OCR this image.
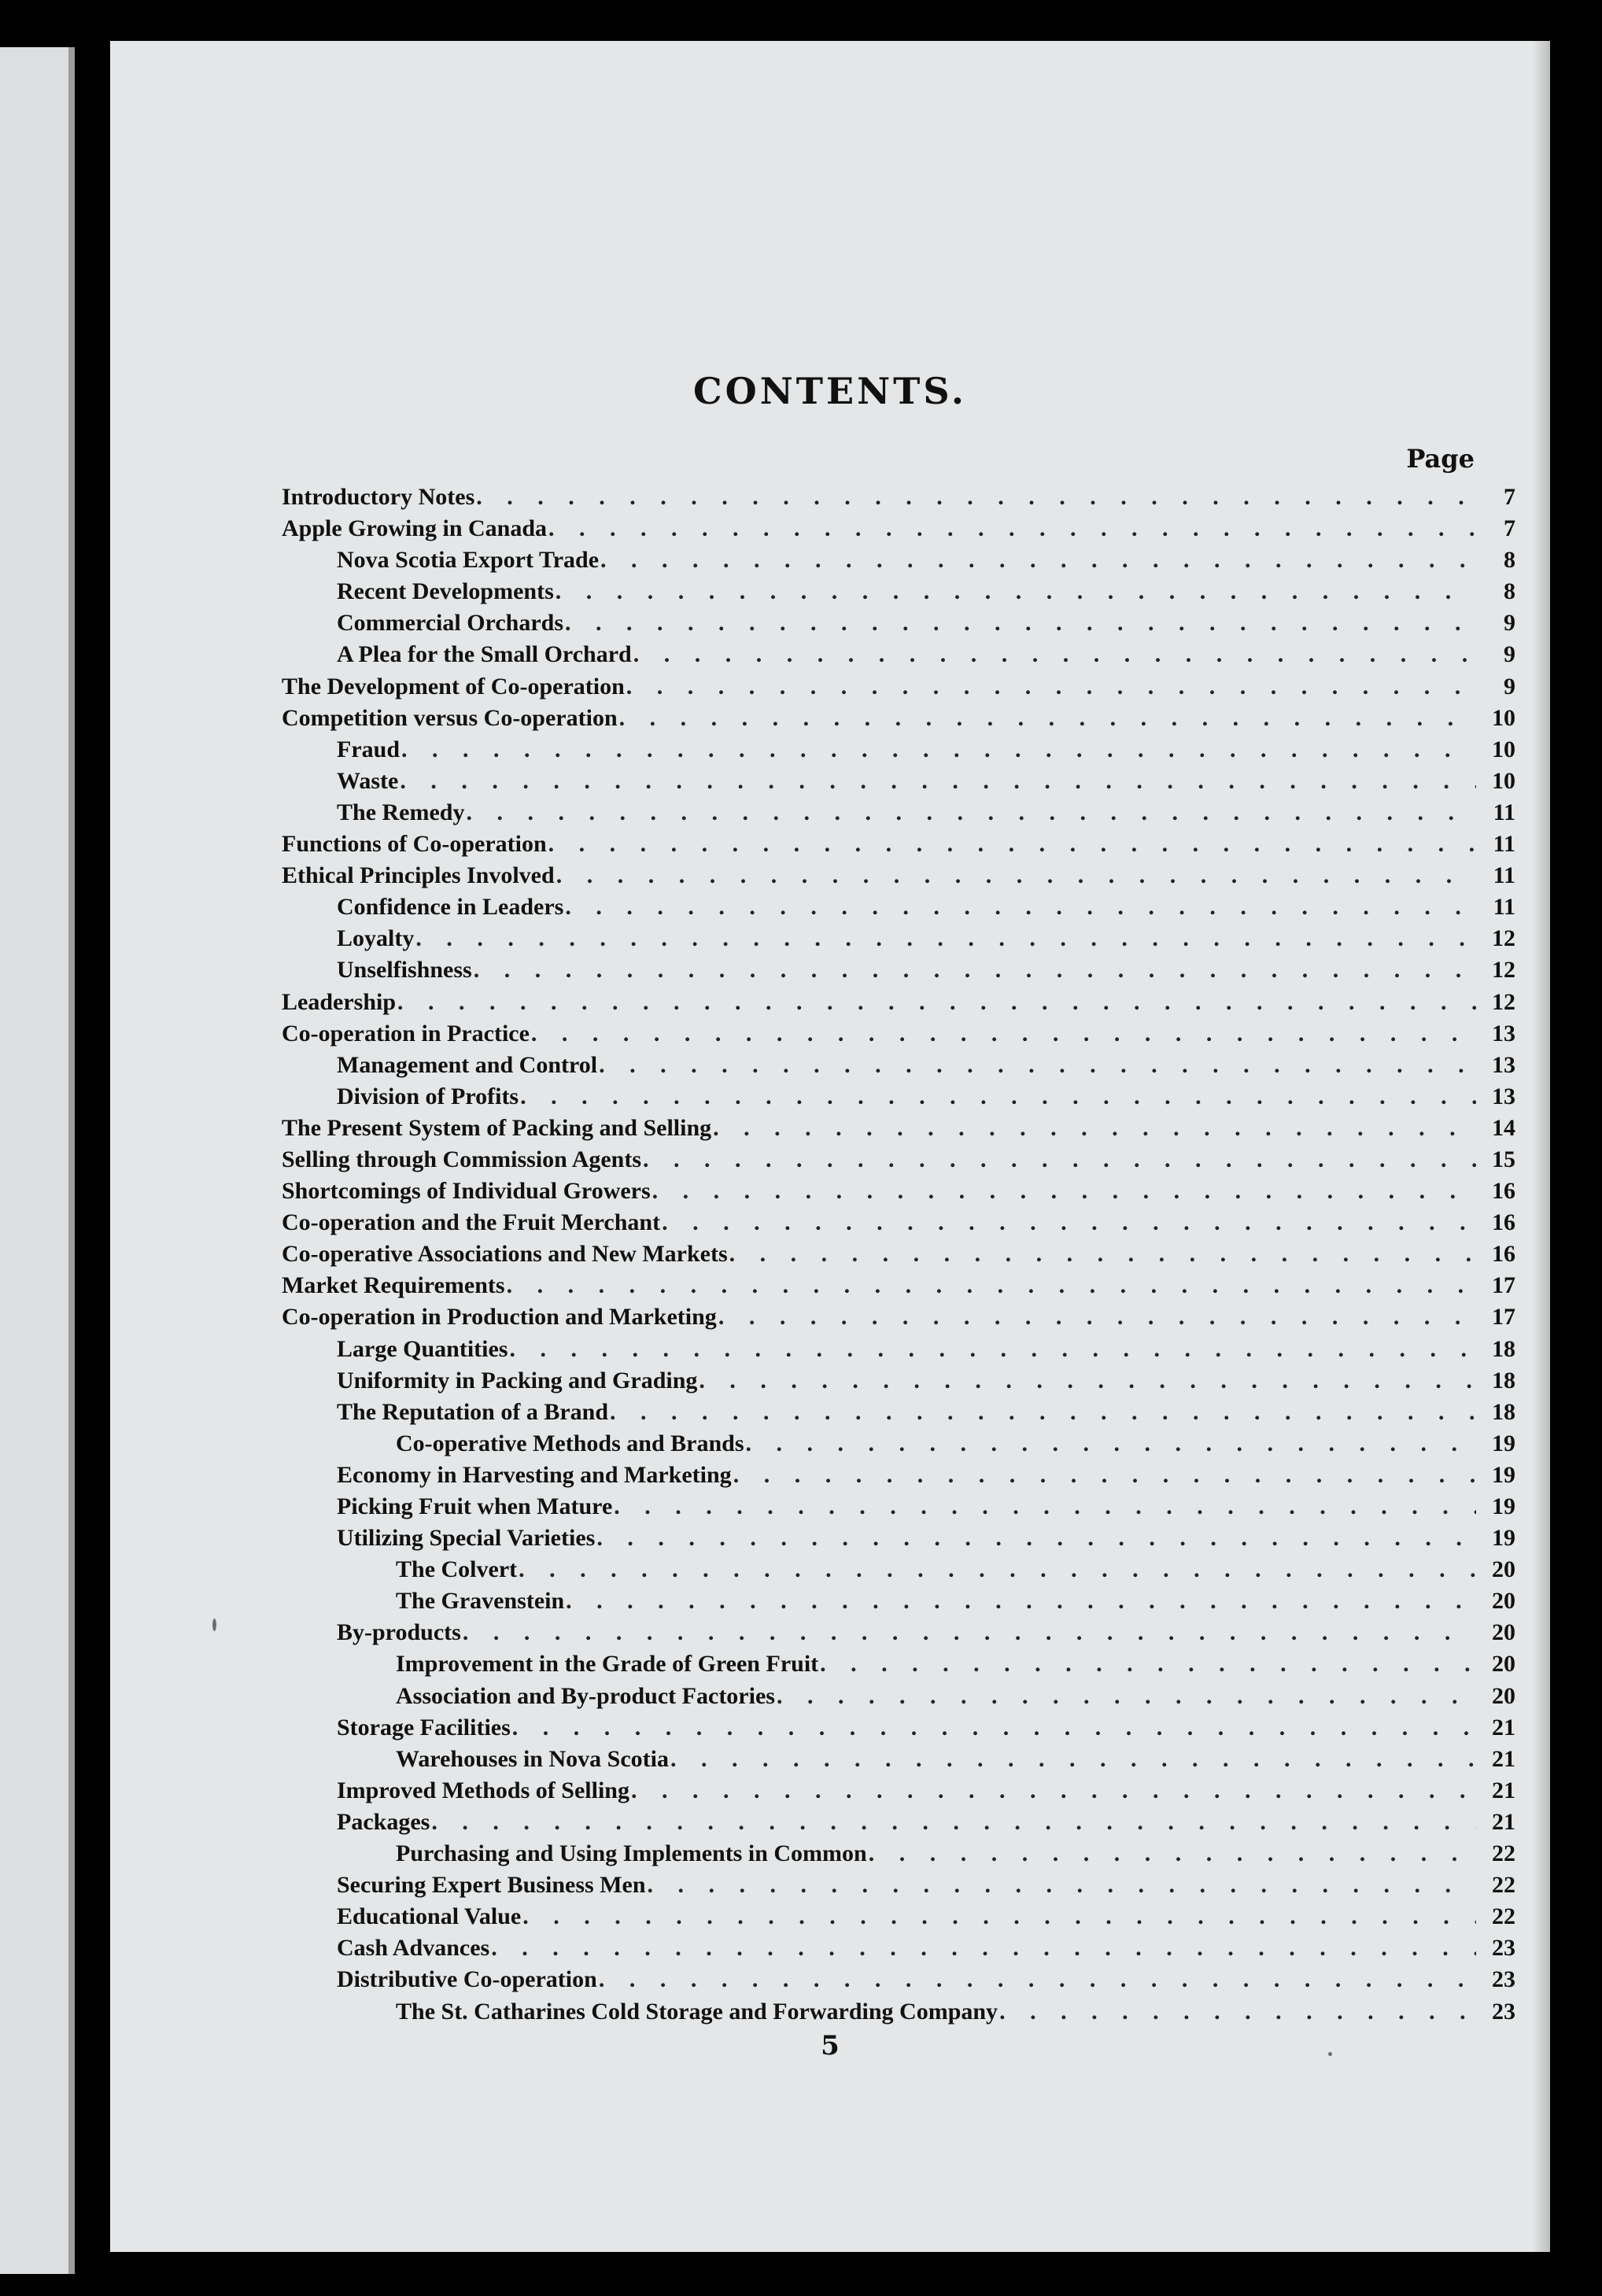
CONTENTS.
Page
Introductory Notes . . .	7
Apple Growing in Canada . . .	7
Nova Scotia Export Trade . . .	8
Recent Developments . . .	8
Commercial Orchards . . .	9
A Plea for the Small Orchard . . .	9
The Development of Co-operation . . .	9
Competition versus Co-operation . . .	10
Fraud . . .	10
Waste . . .	10
The Remedy . . .	11
Functions of Co-operation . . .	11
Ethical Principles Involved . . .	11
Confidence in Leaders . . .	11
Loyalty . . .	12
Unselfishness . . .	12
Leadership . . .	12
Co-operation in Practice . . .	13
Management and Control . . .	13
Division of Profits . . .	13
The Present System of Packing and Selling . . .	14
Selling through Commission Agents . . .	15
Shortcomings of Individual Growers . . .	16
Co-operation and the Fruit Merchant . . .	16
Co-operative Associations and New Markets . . .	16
Market Requirements . . .	17
Co-operation in Production and Marketing . . .	17
Large Quantities . . .	18
Uniformity in Packing and Grading . . .	18
The Reputation of a Brand . . .	18
Co-operative Methods and Brands . . .	19
Economy in Harvesting and Marketing . . .	19
Picking Fruit when Mature . . .	19
Utilizing Special Varieties . . .	19
The Colvert . . .	20
The Gravenstein . . .	20
By-products . . .	20
Improvement in the Grade of Green Fruit . . .	20
Association and By-product Factories . . .	20
Storage Facilities . . .	21
Warehouses in Nova Scotia . . .	21
Improved Methods of Selling . . .	21
Packages . . .	21
Purchasing and Using Implements in Common . . .	22
Securing Expert Business Men . . .	22
Educational Value . . .	22
Cash Advances . . .	23
Distributive Co-operation . . .	23
The St. Catharines Cold Storage and Forwarding Company . . .	23
5
